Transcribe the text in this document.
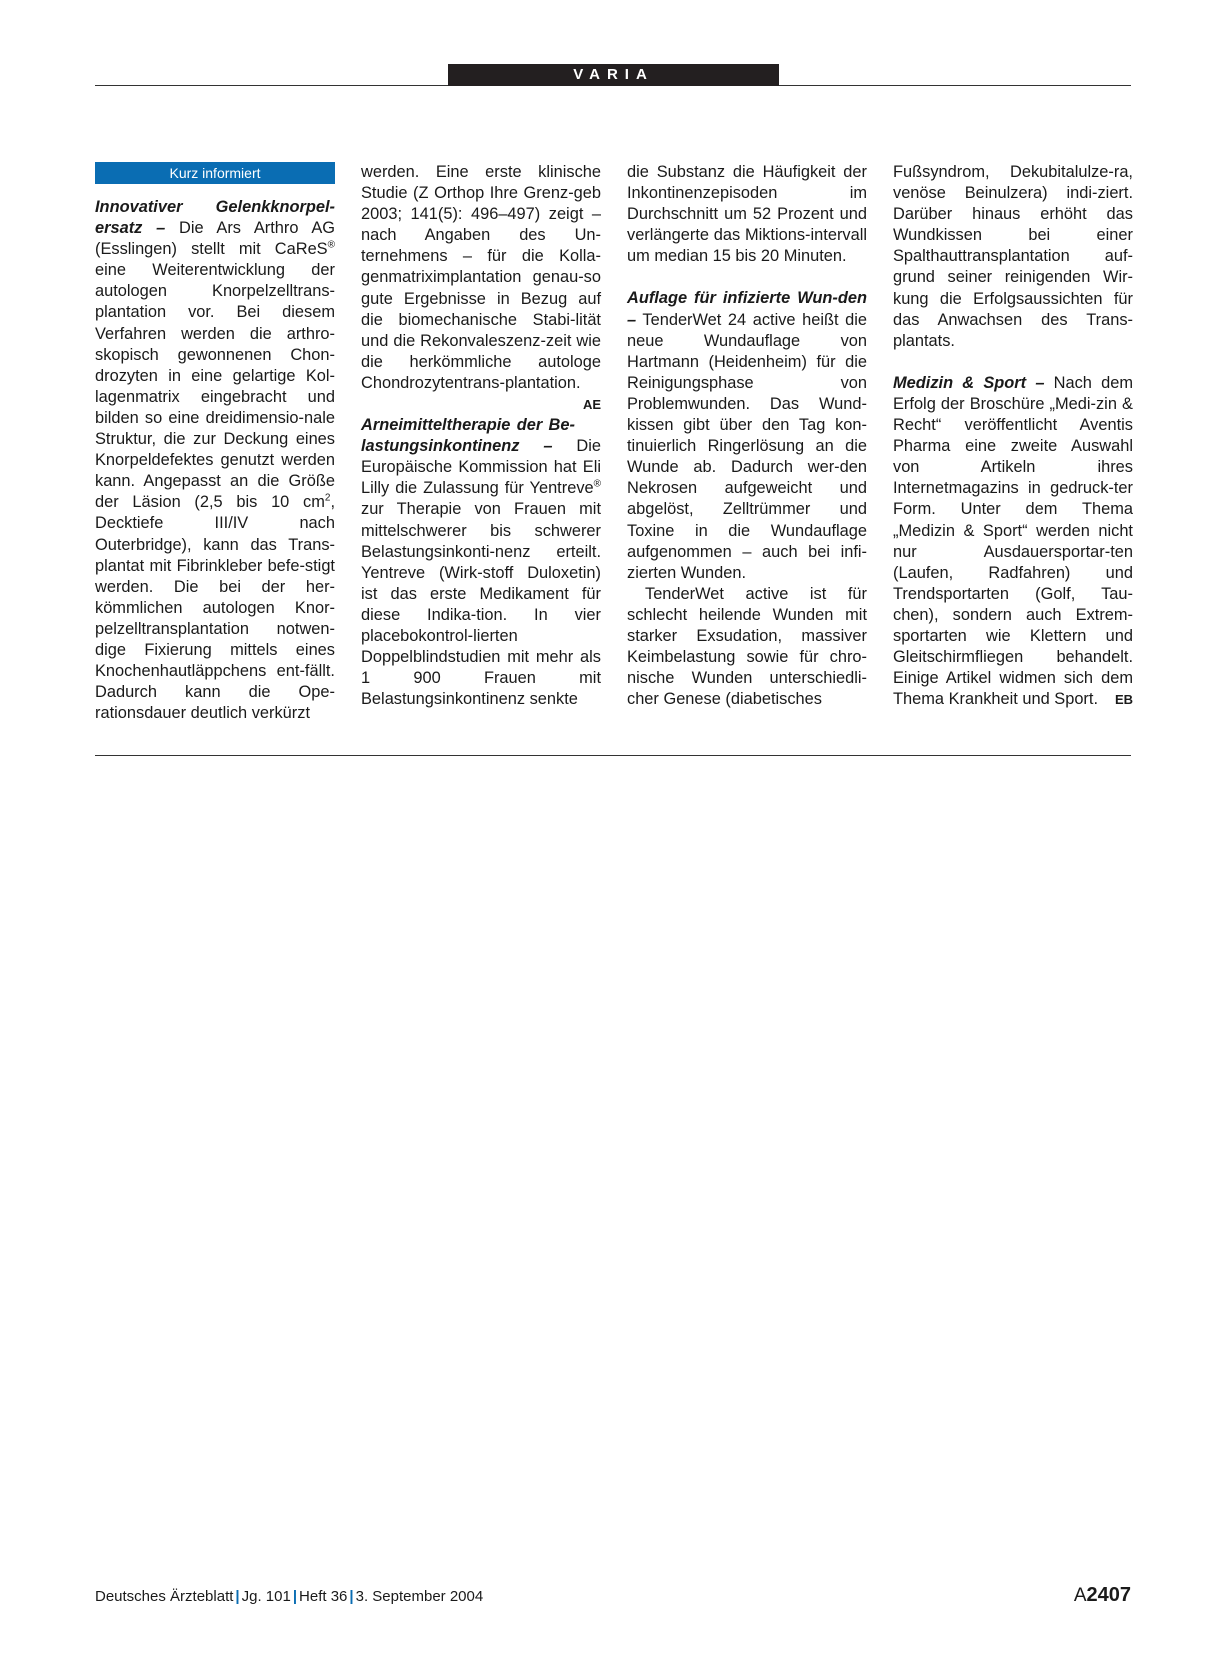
VARIA
Kurz informiert

Innovativer Gelenkknorpel-ersatz – Die Ars Arthro AG (Esslingen) stellt mit CaReS® eine Weiterentwicklung der autologen Knorpelzelltrans-plantation vor. Bei diesem Verfahren werden die arthro-skopisch gewonnenen Chon-drozyten in eine gelartige Kol-lagenmatrix eingebracht und bilden so eine dreidimensio-nale Struktur, die zur Deckung eines Knorpeldefektes genutzt werden kann. Angepasst an die Größe der Läsion (2,5 bis 10 $cm^2$, Decktiefe III/IV nach Outerbridge), kann das Trans-plantat mit Fibrinkleber befe-stigt werden. Die bei der her-kömmlichen autologen Knor-pelzelltransplantation notwen-dige Fixierung mittels eines Knochenhautläppchens ent-fällt. Dadurch kann die Ope-rationsdauer deutlich verkürzt

werden. Eine erste klinische Studie (Z Orthop Ihre Grenz-geb 2003; 141(5): 496–497) zeigt – nach Angaben des Un-ternehmens – für die Kolla-genmatriximplantation genau-so gute Ergebnisse in Bezug auf die biomechanische Stabi-lität und die Rekonvaleszenz-zeit wie die herkömmliche autologe Chondrozytentrans-plantation.
AE

Arneimitteltherapie der Be-lastungsinkontinenz – Die Europäische Kommission hat Eli Lilly die Zulassung für Yentreve® zur Therapie von Frauen mit mittelschwerer bis schwerer Belastungsinkonti-nenz erteilt. Yentreve (Wirk-stoff Duloxetin) ist das erste Medikament für diese Indika-tion. In vier placebokontrol-lierten Doppelblindstudien mit mehr als 1 900 Frauen mit Belastungsinkontinenz senkte

die Substanz die Häufigkeit der Inkontinenzepisoden im Durchschnitt um 52 Prozent und verlängerte das Miktions-intervall um median 15 bis 20 Minuten.

Auflage für infizierte Wun-den – TenderWet 24 active heißt die neue Wundauflage von Hartmann (Heidenheim) für die Reinigungsphase von Problemwunden. Das Wund-kissen gibt über den Tag kon-tinuierlich Ringerlösung an die Wunde ab. Dadurch wer-den Nekrosen aufgeweicht und abgelöst, Zelltrümmer und Toxine in die Wundauflage aufgenommen – auch bei infi-zierten Wunden.

TenderWet active ist für schlecht heilende Wunden mit starker Exsudation, massiver Keimbelastung sowie für chro-nische Wunden unterschiedli-cher Genese (diabetisches

Fußsyndrom, Dekubitalulze-ra, venöse Beinulzera) indi-ziert. Darüber hinaus erhöht das Wundkissen bei einer Spalthauttransplantation auf-grund seiner reinigenden Wir-kung die Erfolgsaussichten für das Anwachsen des Trans-plantats.

Medizin & Sport – Nach dem Erfolg der Broschüre „Medi-zin & Recht“ veröffentlicht Aventis Pharma eine zweite Auswahl von Artikeln ihres Internetmagazins in gedruck-ter Form. Unter dem Thema „Medizin & Sport“ werden nicht nur Ausdauersportar-ten (Laufen, Radfahren) und Trendsportarten (Golf, Tau-chen), sondern auch Extrem-sportarten wie Klettern und Gleitschirmfliegen behandelt. Einige Artikel widmen sich dem Thema Krankheit und Sport. EB

Deutsches Ärzteblatt | Jg. 101 | Heft 36 | 3. September 2004	A2407
